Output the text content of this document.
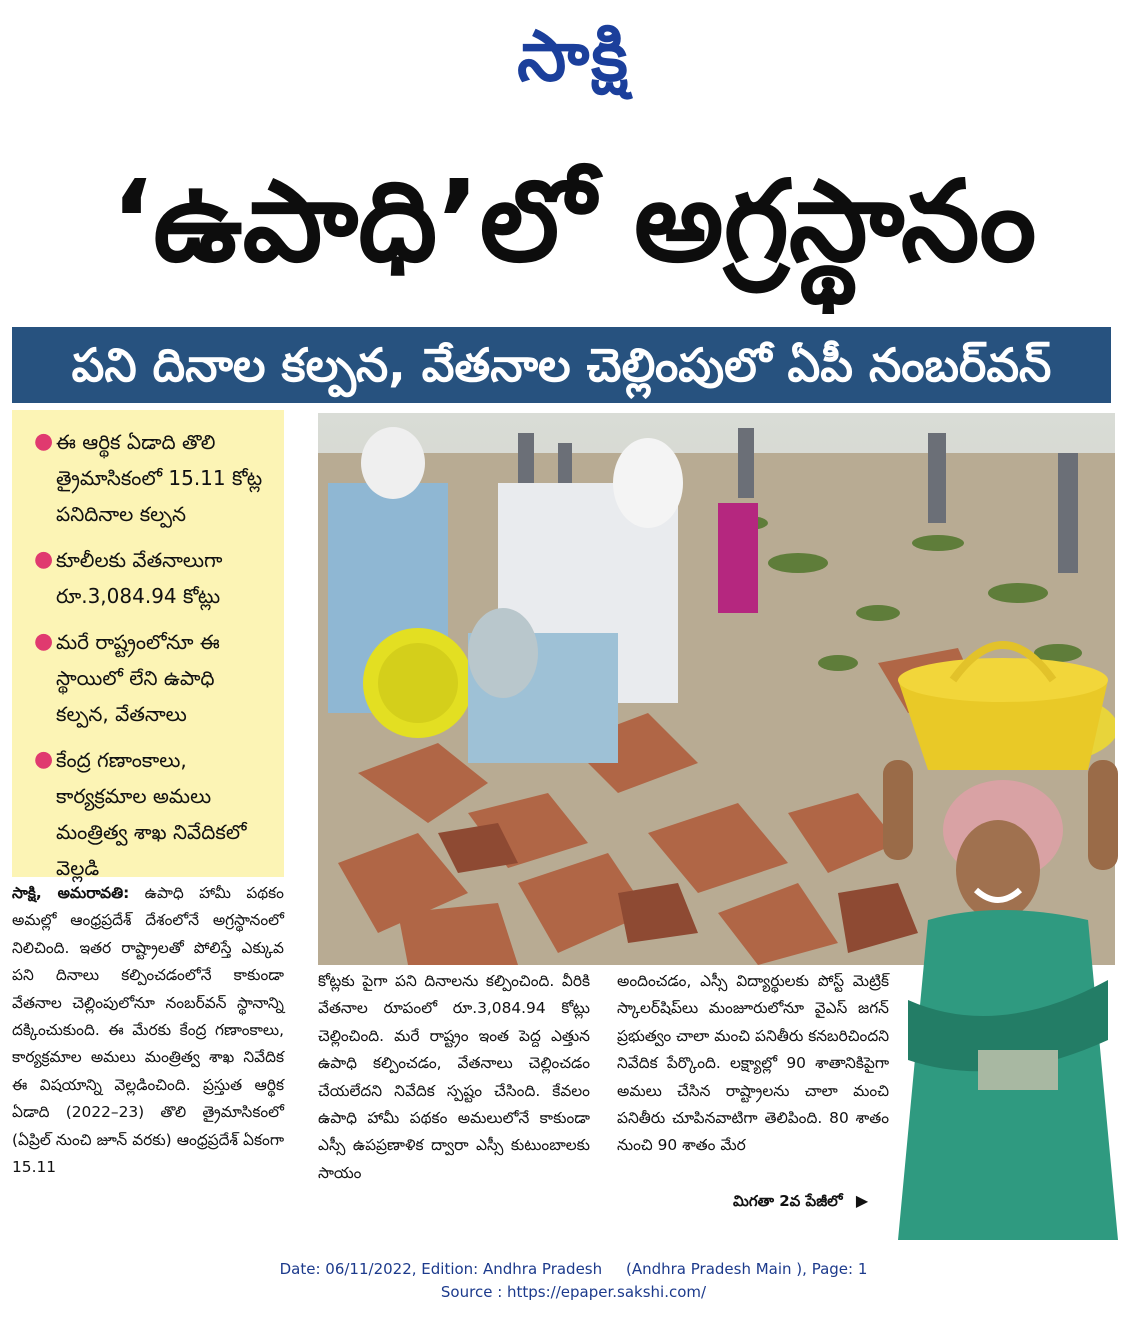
సాక్షి
‘ఉపాధి’లో అగ్రస్థానం
పని దినాల కల్పన, వేతనాల చెల్లింపులో ఏపీ నంబర్‌వన్
● ఈ ఆర్థిక ఏడాది తొలి త్రైమాసికంలో 15.11 కోట్ల పనిదినాల కల్పన
● కూలీలకు వేతనాలుగా రూ.3,084.94 కోట్లు
● మరే రాష్ట్రంలోనూ ఈ స్థాయిలో లేని ఉపాధి కల్పన, వేతనాలు
● కేంద్ర గణాంకాలు, కార్యక్రమాల అమలు మంత్రిత్వ శాఖ నివేదికలో వెల్లడి
సాక్షి, అమరావతి: ఉపాధి హామీ పథకం అమల్లో ఆంధ్రప్రదేశ్ దేశంలోనే అగ్రస్థానంలో నిలిచింది. ఇతర రాష్ట్రాలతో పోలిస్తే ఎక్కువ పని దినాలు కల్పించడంలోనే కాకుండా వేతనాల చెల్లింపులోనూ నంబర్‌వన్ స్థానాన్ని దక్కించుకుంది. ఈ మేరకు కేంద్ర గణాంకాలు, కార్యక్రమాల అమలు మంత్రిత్వ శాఖ నివేదిక ఈ విషయాన్ని వెల్లడించింది. ప్రస్తుత ఆర్థిక ఏడాది (2022–23) తొలి త్రైమాసికంలో (ఏప్రిల్ నుంచి జూన్ వరకు) ఆంధ్రప్రదేశ్ ఏకంగా 15.11
కోట్లకు పైగా పని దినాలను కల్పించింది. వీరికి వేతనాల రూపంలో రూ.3,084.94 కోట్లు చెల్లించింది. మరే రాష్ట్రం ఇంత పెద్ద ఎత్తున ఉపాధి కల్పించడం, వేతనాలు చెల్లించడం చేయలేదని నివేదిక స్పష్టం చేసింది. కేవలం ఉపాధి హామీ పథకం అమలులోనే కాకుండా ఎస్సీ ఉపప్రణాళిక ద్వారా ఎస్సీ కుటుంబాలకు సాయం
అందించడం, ఎస్సీ విద్యార్థులకు పోస్ట్ మెట్రిక్ స్కాలర్‌షిప్‌లు మంజూరులోనూ వైఎస్ జగన్ ప్రభుత్వం చాలా మంచి పనితీరు కనబరిచిందని నివేదిక పేర్కొంది. లక్ష్యాల్లో 90 శాతానికిపైగా అమలు చేసిన రాష్ట్రాలను చాలా మంచి పనితీరు చూపినవాటిగా తెలిపింది. 80 శాతం నుంచి 90 శాతం మేర
మిగతా 2వ పేజీలో ▶
Date: 06/11/2022, Edition: Andhra Pradesh     (Andhra Pradesh Main ), Page: 1
Source : https://epaper.sakshi.com/
